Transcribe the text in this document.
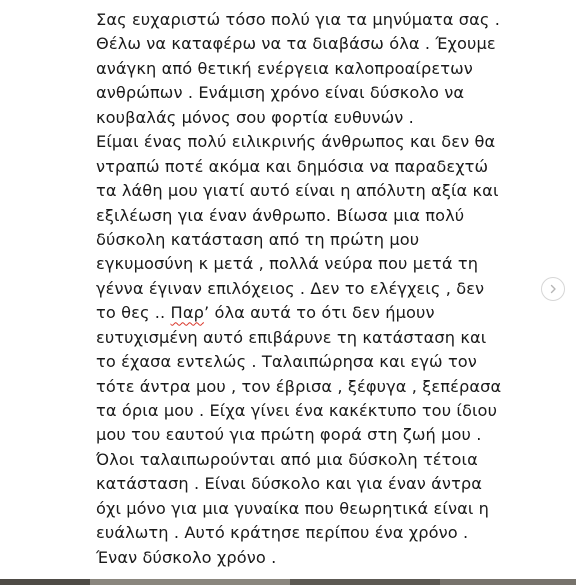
Σας ευχαριστώ τόσο πολύ για τα μηνύματα σας .
Θέλω να καταφέρω να τα διαβάσω όλα . Έχουμε
ανάγκη από θετική ενέργεια καλοπροαίρετων
ανθρώπων . Ενάμιση χρόνο είναι δύσκολο να
κουβαλάς μόνος σου φορτία ευθυνών .
Είμαι ένας πολύ ειλικρινής άνθρωπος και δεν θα
ντραπώ ποτέ ακόμα και δημόσια να παραδεχτώ
τα λάθη μου γιατί αυτό είναι η απόλυτη αξία και
εξιλέωση για έναν άνθρωπο. Βίωσα μια πολύ
δύσκολη κατάσταση από τη πρώτη μου
εγκυμοσύνη κ μετά , πολλά νεύρα που μετά τη
γέννα έγιναν επιλόχειος . Δεν το ελέγχεις , δεν
το θες .. Παρ’ όλα αυτά το ότι δεν ήμουν
ευτυχισμένη αυτό επιβάρυνε τη κατάσταση και
το έχασα εντελώς . Ταλαιπώρησα και εγώ τον
τότε άντρα μου , τον έβρισα , ξέφυγα , ξεπέρασα
τα όρια μου . Είχα γίνει ένα κακέκτυπο του ίδιου
μου του εαυτού για πρώτη φορά στη ζωή μου .
Όλοι ταλαιπωρούνται από μια δύσκολη τέτοια
κατάσταση . Είναι δύσκολο και για έναν άντρα
όχι μόνο για μια γυναίκα που θεωρητικά είναι η
ευάλωτη . Αυτό κράτησε περίπου ένα χρόνο .
Έναν δύσκολο χρόνο .
